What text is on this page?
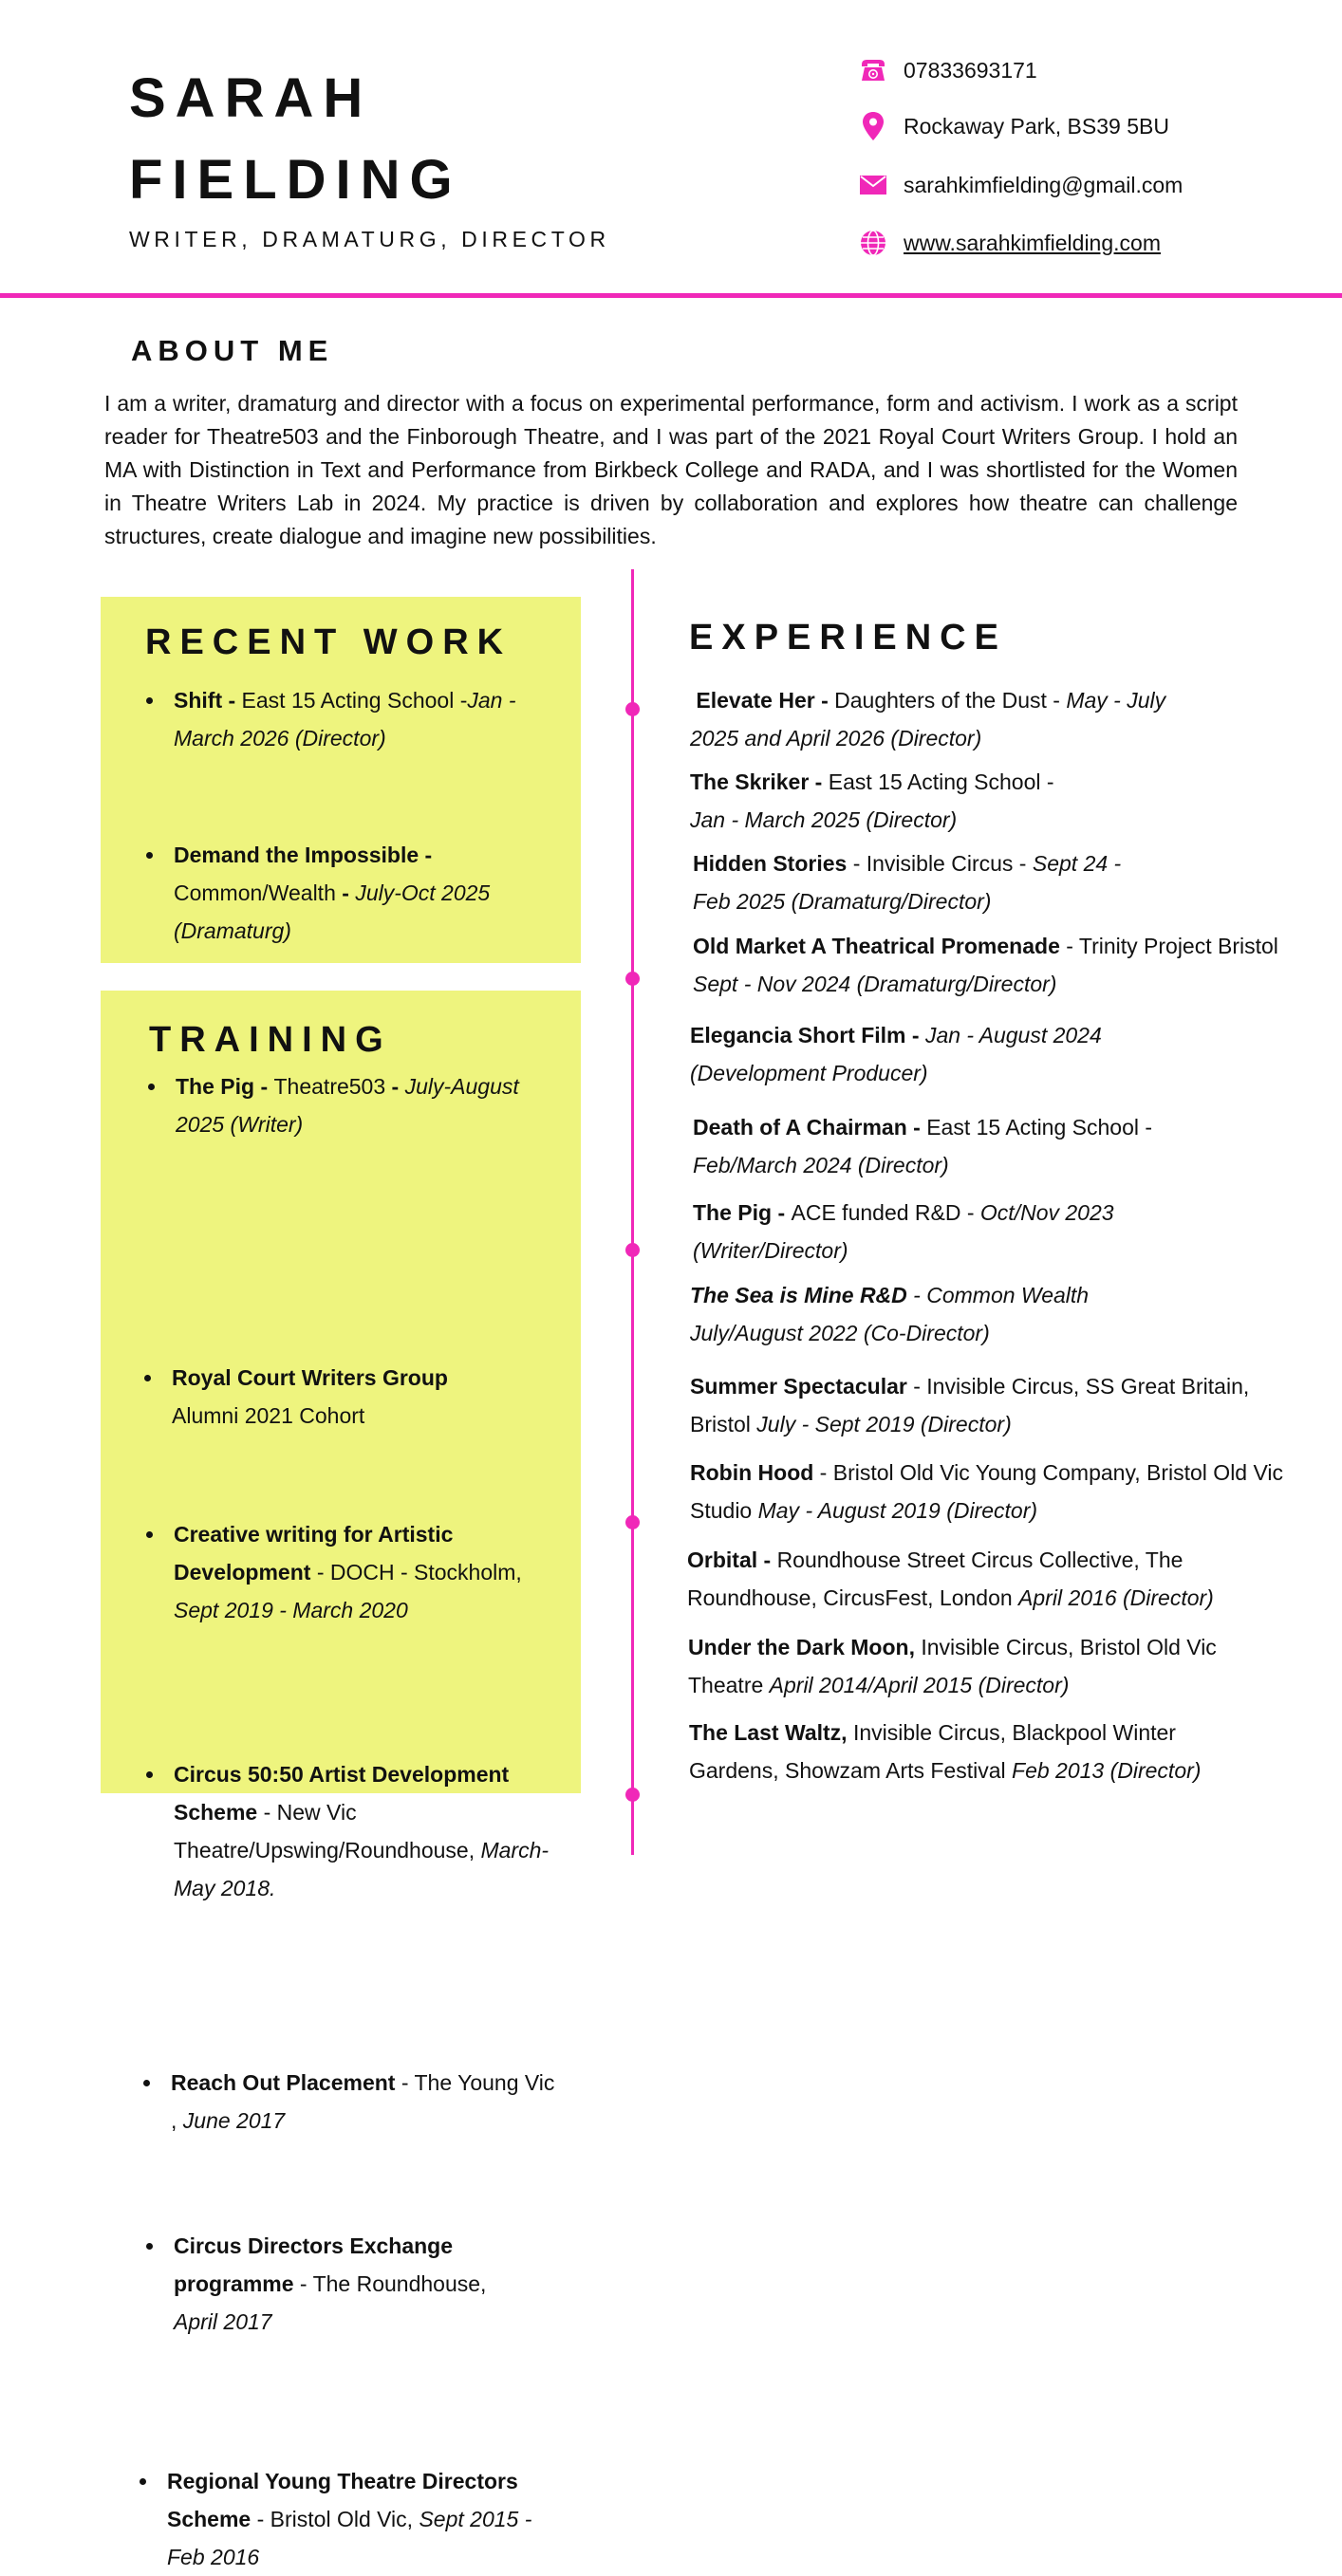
SARAH
FIELDING
WRITER, DRAMATURG, DIRECTOR
07833693171
Rockaway Park, BS39 5BU
sarahkimfielding@gmail.com
www.sarahkimfielding.com
ABOUT ME
I am a writer, dramaturg and director with a focus on experimental performance, form and activism. I work as a script reader for Theatre503 and the Finborough Theatre, and I was part of the 2021 Royal Court Writers Group. I hold an MA with Distinction in Text and Performance from Birkbeck College and RADA, and I was shortlisted for the Women in Theatre Writers Lab in 2024. My practice is driven by collaboration and explores how theatre can challenge structures, create dialogue and imagine new possibilities.
RECENT WORK
Shift - East 15 Acting School -Jan - March 2026 (Director)
Demand the Impossible -
Common/Wealth - July-Oct 2025 (Dramaturg)
The Pig - Theatre503 - July-August 2025 (Writer)
TRAINING
Royal Court Writers Group
Alumni 2021 Cohort
Creative writing for Artistic Development - DOCH - Stockholm, Sept 2019 - March 2020
Circus 50:50 Artist Development Scheme - New Vic Theatre/Upswing/Roundhouse, March-May 2018.
Reach Out Placement - The Young Vic , June 2017
Circus Directors Exchange programme - The Roundhouse,
April 2017
Regional Young Theatre Directors Scheme - Bristol Old Vic, Sept 2015 - Feb 2016
EXPERIENCE
Elevate Her - Daughters of the Dust - May - July 2025 and April 2026 (Director)
The Skriker - East 15 Acting School -
Jan - March 2025 (Director)
Hidden Stories - Invisible Circus - Sept 24 - Feb 2025 (Dramaturg/Director)
Old Market A Theatrical Promenade - Trinity Project Bristol Sept - Nov 2024 (Dramaturg/Director)
Elegancia Short Film - Jan - August 2024 (Development Producer)
Death of A Chairman - East 15 Acting School -
Feb/March 2024 (Director)
The Pig - ACE funded R&D - Oct/Nov 2023 (Writer/Director)
The Sea is Mine R&D - Common Wealth
July/August 2022 (Co-Director)
Summer Spectacular - Invisible Circus, SS Great Britain, Bristol July - Sept 2019 (Director)
Robin Hood - Bristol Old Vic Young Company, Bristol Old Vic Studio May - August 2019 (Director)
Orbital - Roundhouse Street Circus Collective, The Roundhouse, CircusFest, London April 2016 (Director)
Under the Dark Moon, Invisible Circus, Bristol Old Vic Theatre April 2014/April 2015 (Director)
The Last Waltz, Invisible Circus, Blackpool Winter Gardens, Showzam Arts Festival Feb 2013 (Director)
